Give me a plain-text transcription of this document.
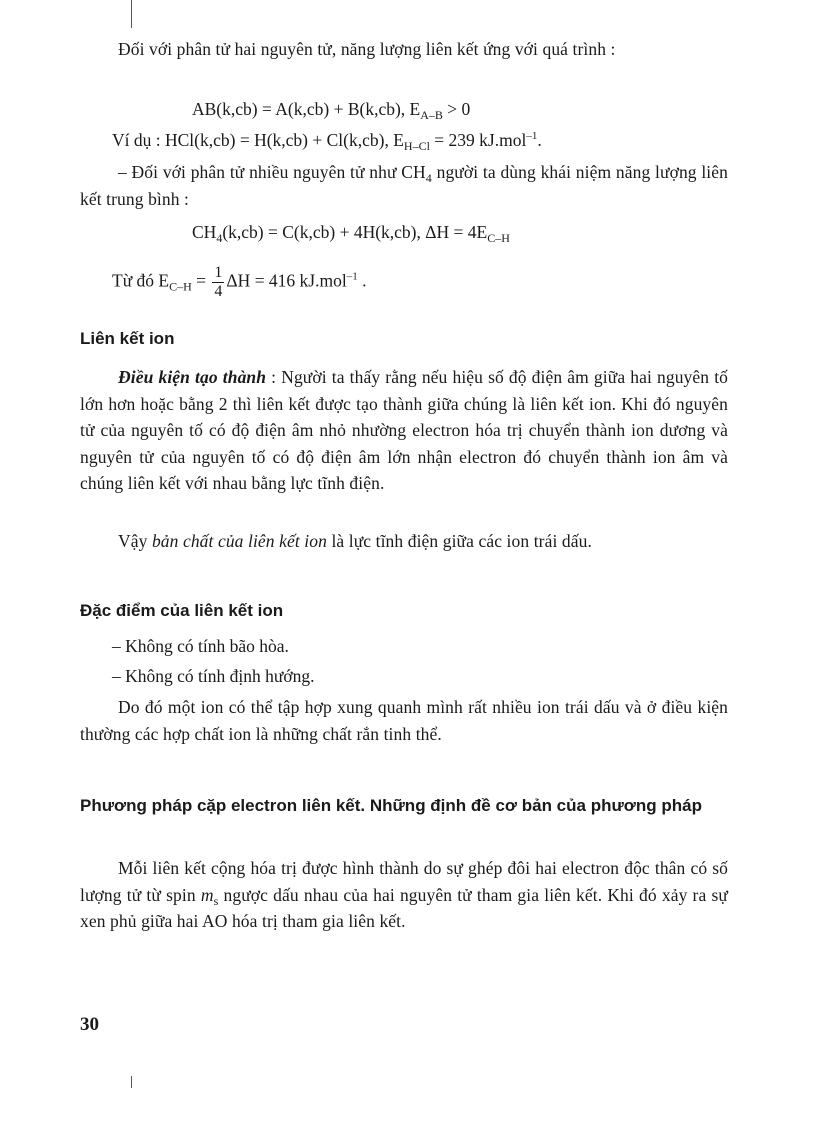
Đối với phân tử hai nguyên tử, năng lượng liên kết ứng với quá trình :

AB(k,cb) = A(k,cb) + B(k,cb), $E_{A-B} > 0$

Ví dụ : HCl(k,cb) = H(k,cb) + Cl(k,cb), $E_{H-Cl} = 239$ kJ.mol$^{-1}$.

– Đối với phân tử nhiều nguyên tử như $CH_4$ người ta dùng khái niệm năng lượng liên kết trung bình :

$CH_4(k,cb) = C(k,cb) + 4H(k,cb)$, $\Delta H = 4E_{C-H}$

Từ đó $E_{C-H} = \frac{1}{4}$ ΔH = 416 kJ.mol$^{-1}$ .

Liên kết ion

Điều kiện tạo thành : Người ta thấy rằng nếu hiệu số độ điện âm giữa hai nguyên tố lớn hơn hoặc bằng 2 thì liên kết được tạo thành giữa chúng là liên kết ion. Khi đó nguyên tử của nguyên tố có độ điện âm nhỏ nhường electron hóa trị chuyển thành ion dương và nguyên tử của nguyên tố có độ điện âm lớn nhận electron đó chuyển thành ion âm và chúng liên kết với nhau bằng lực tĩnh điện.

Vậy bản chất của liên kết ion là lực tĩnh điện giữa các ion trái dấu.

Đặc điểm của liên kết ion

– Không có tính bão hòa.

– Không có tính định hướng.

Do đó một ion có thể tập hợp xung quanh mình rất nhiều ion trái dấu và ở điều kiện thường các hợp chất ion là những chất rắn tinh thể.

Phương pháp cặp electron liên kết. Những định đề cơ bản của phương pháp

Mỗi liên kết cộng hóa trị được hình thành do sự ghép đôi hai electron độc thân có số lượng tử từ spin $m_s$ ngược dấu nhau của hai nguyên tử tham gia liên kết. Khi đó xảy ra sự xen phủ giữa hai AO hóa trị tham gia liên kết.

30
